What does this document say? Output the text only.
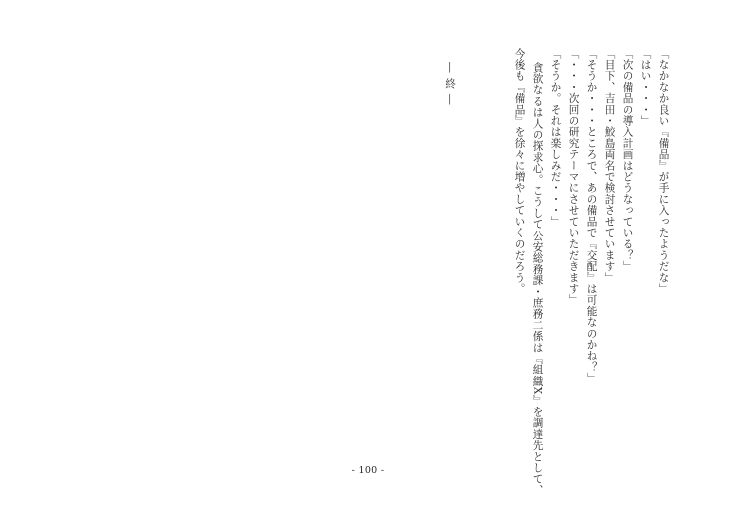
「なかなか良い『備品』が手に入ったようだな」
「はい・・・」
「次の備品の導入計画はどうなっている？」
「目下、吉田・鮫島両名で検討させています」
「そうか・・・ところで、あの備品で『交配』は可能なのかね？」
「・・・次回の研究テーマにさせていただきます」
「そうか。それは楽しみだ・・・」
貪欲なるは人の探求心。こうして公安総務課・庶務二係は『組織X』を調達先として、
今後も『備品』を徐々に増やしていくのだろう。
― 終 ―
- 100 -
